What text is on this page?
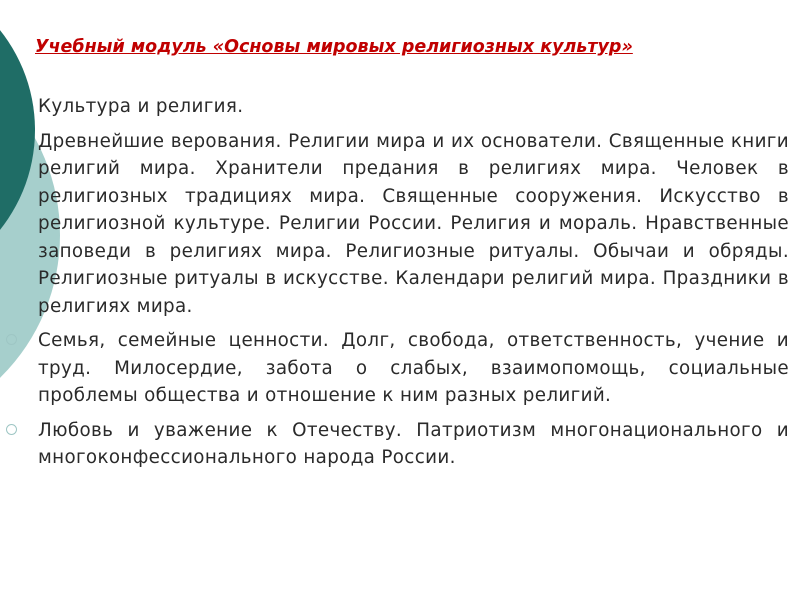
Учебный модуль «Основы мировых религиозных культур»

Культура и религия.

Древнейшие верования. Религии мира и их основатели. Священные книги религий мира. Хранители предания в религиях мира. Человек в религиозных традициях мира. Священные сооружения. Искусство в религиозной культуре. Религии России. Религия и мораль. Нравственные заповеди в религиях мира. Религиозные ритуалы. Обычаи и обряды. Религиозные ритуалы в искусстве. Календари религий мира. Праздники в религиях мира.

Семья, семейные ценности. Долг, свобода, ответственность, учение и труд. Милосердие, забота о слабых, взаимопомощь, социальные проблемы общества и отношение к ним разных религий.

Любовь и уважение к Отечеству. Патриотизм многонационального и многоконфессионального народа России.
